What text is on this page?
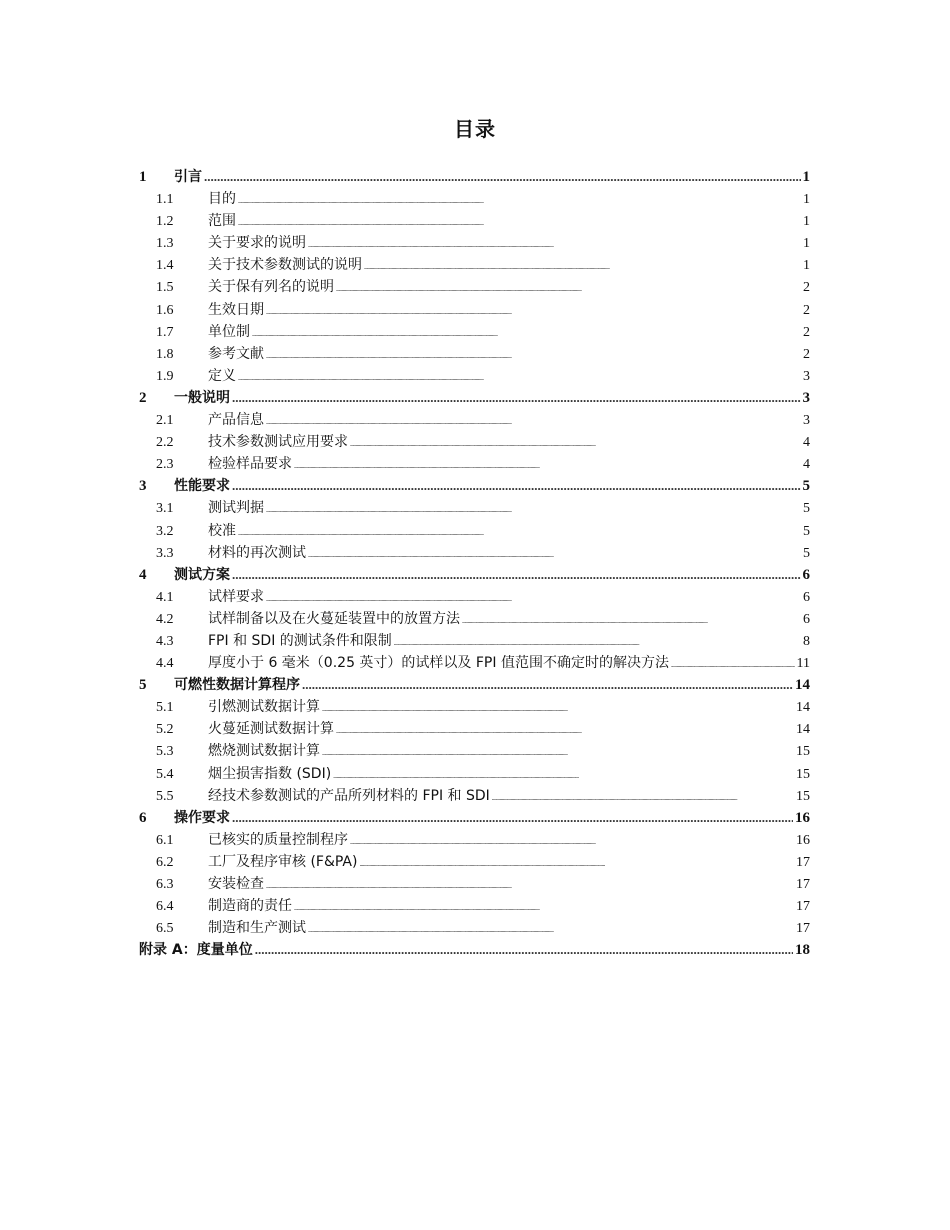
目录
1	引言 .....	1
1.1	目的 . . .	1
1.2	范围 . . .	1
1.3	关于要求的说明 . . .	1
1.4	关于技术参数测试的说明 . . .	1
1.5	关于保有列名的说明 . . .	2
1.6	生效日期 . . .	2
1.7	单位制 . . .	2
1.8	参考文献 . . .	2
1.9	定义 . . .	3
2	一般说明 .....	3
2.1	产品信息 . . .	3
2.2	技术参数测试应用要求 . . .	4
2.3	检验样品要求 . . .	4
3	性能要求 .....	5
3.1	测试判据 . . .	5
3.2	校准 . . .	5
3.3	材料的再次测试 . . .	5
4	测试方案 .....	6
4.1	试样要求 . . .	6
4.2	试样制备以及在火蔓延装置中的放置方法 . . .	6
4.3	FPI 和 SDI 的测试条件和限制 . . .	8
4.4	厚度小于 6 毫米（0.25 英寸）的试样以及 FPI 值范围不确定时的解决方法 . . .	11
5	可燃性数据计算程序 .....	14
5.1	引燃测试数据计算 . . .	14
5.2	火蔓延测试数据计算 . . .	14
5.3	燃烧测试数据计算 . . .	15
5.4	烟尘损害指数 (SDI) . . .	15
5.5	经技术参数测试的产品所列材料的 FPI 和 SDI . . .	15
6	操作要求 .....	16
6.1	已核实的质量控制程序 . . .	16
6.2	工厂及程序审核 (F&PA) . . .	17
6.3	安装检查 . . .	17
6.4	制造商的责任 . . .	17
6.5	制造和生产测试 . . .	17
附录 A：度量单位 .....	18
